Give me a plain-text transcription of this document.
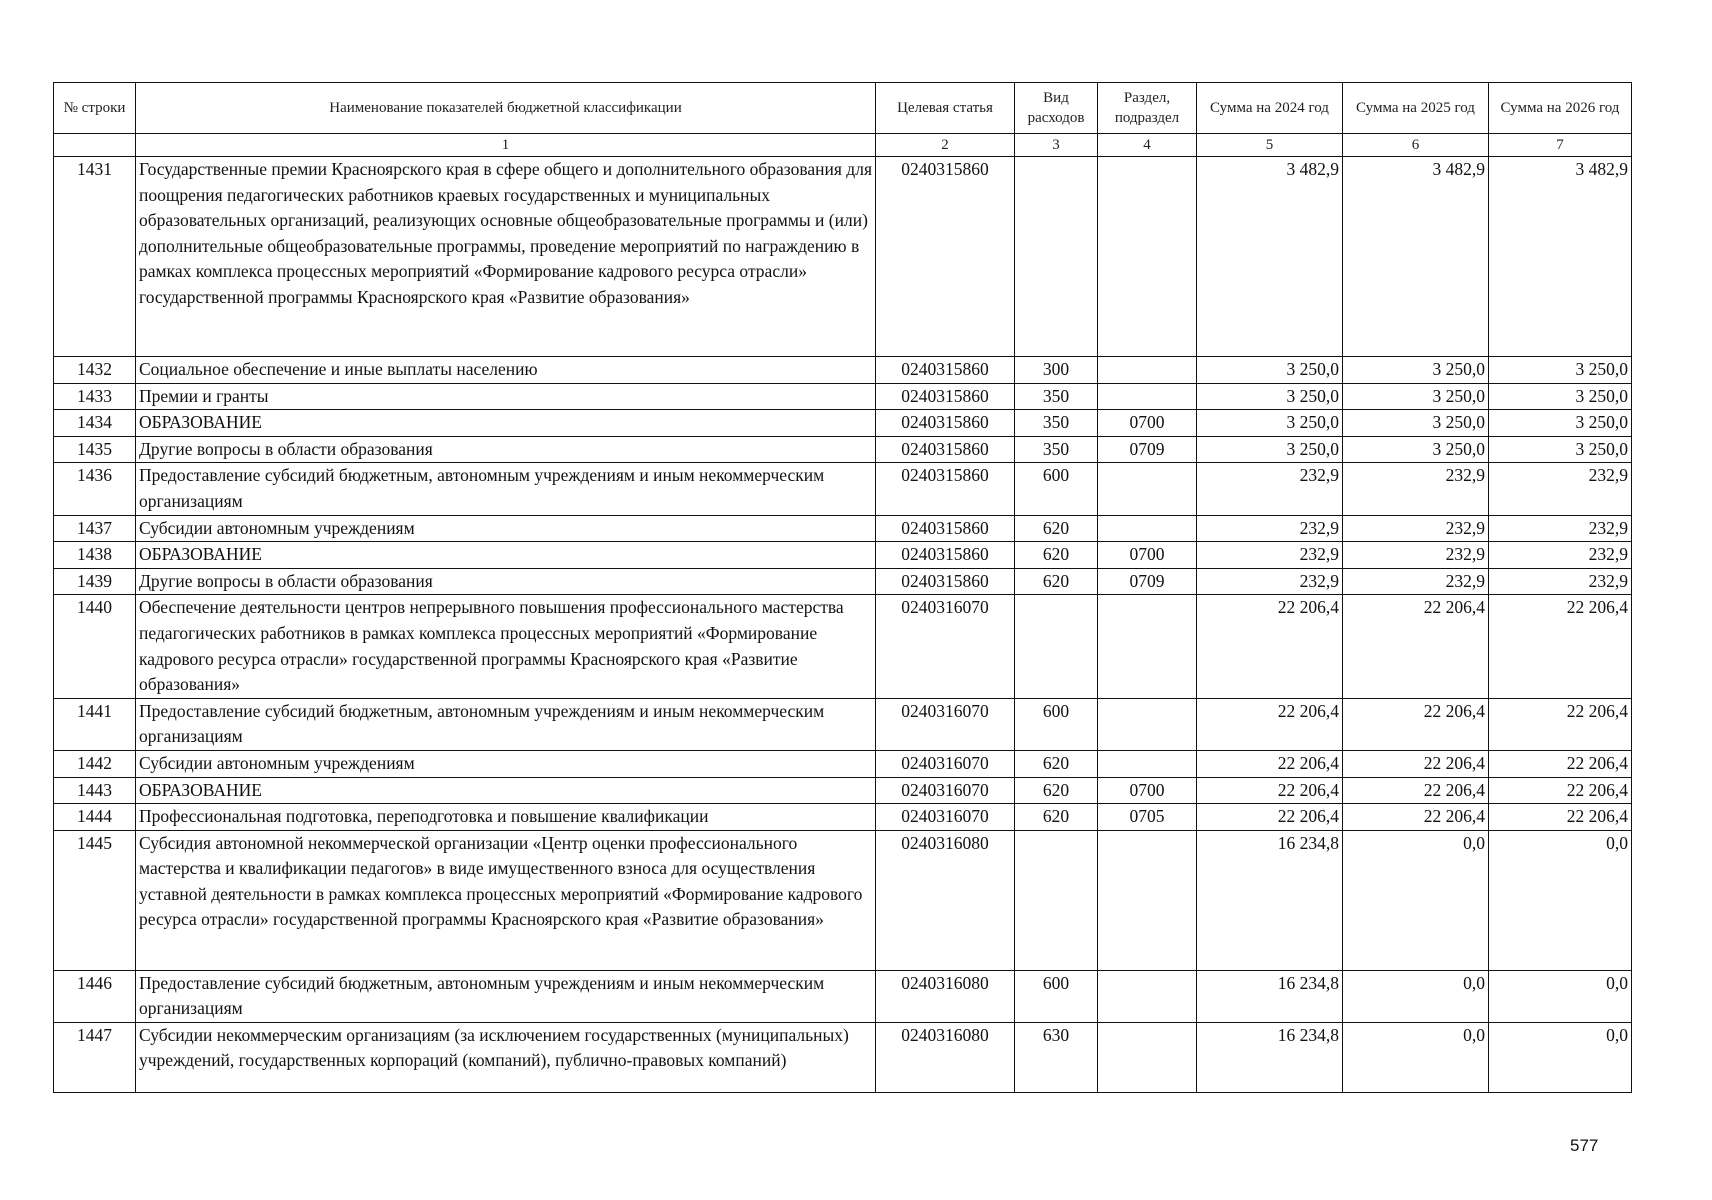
№ строки	Наименование показателей бюджетной классификации	Целевая статья	Вид расходов	Раздел, подраздел	Сумма на 2024 год	Сумма на 2025 год	Сумма на 2026 год
	1	2	3	4	5	6	7
1431	Государственные премии Красноярского края в сфере общего и дополнительного образования для поощрения педагогических работников краевых государственных и муниципальных образовательных организаций, реализующих основные общеобразовательные программы и (или) дополнительные общеобразовательные программы, проведение мероприятий по награждению в рамках комплекса процессных мероприятий «Формирование кадрового ресурса отрасли» государственной программы Красноярского края «Развитие образования»	0240315860			3 482,9	3 482,9	3 482,9
1432	Социальное обеспечение и иные выплаты населению	0240315860	300		3 250,0	3 250,0	3 250,0
1433	Премии и гранты	0240315860	350		3 250,0	3 250,0	3 250,0
1434	ОБРАЗОВАНИЕ	0240315860	350	0700	3 250,0	3 250,0	3 250,0
1435	Другие вопросы в области образования	0240315860	350	0709	3 250,0	3 250,0	3 250,0
1436	Предоставление субсидий бюджетным, автономным учреждениям и иным некоммерческим организациям	0240315860	600		232,9	232,9	232,9
1437	Субсидии автономным учреждениям	0240315860	620		232,9	232,9	232,9
1438	ОБРАЗОВАНИЕ	0240315860	620	0700	232,9	232,9	232,9
1439	Другие вопросы в области образования	0240315860	620	0709	232,9	232,9	232,9
1440	Обеспечение деятельности центров непрерывного повышения профессионального мастерства педагогических работников в рамках комплекса процессных мероприятий «Формирование кадрового ресурса отрасли» государственной программы Красноярского края «Развитие образования»	0240316070			22 206,4	22 206,4	22 206,4
1441	Предоставление субсидий бюджетным, автономным учреждениям и иным некоммерческим организациям	0240316070	600		22 206,4	22 206,4	22 206,4
1442	Субсидии автономным учреждениям	0240316070	620		22 206,4	22 206,4	22 206,4
1443	ОБРАЗОВАНИЕ	0240316070	620	0700	22 206,4	22 206,4	22 206,4
1444	Профессиональная подготовка, переподготовка и повышение квалификации	0240316070	620	0705	22 206,4	22 206,4	22 206,4
1445	Субсидия автономной некоммерческой организации «Центр оценки профессионального мастерства и квалификации педагогов» в виде имущественного взноса для осуществления уставной деятельности в рамках комплекса процессных мероприятий «Формирование кадрового ресурса отрасли» государственной программы Красноярского края «Развитие образования»	0240316080			16 234,8	0,0	0,0
1446	Предоставление субсидий бюджетным, автономным учреждениям и иным некоммерческим организациям	0240316080	600		16 234,8	0,0	0,0
1447	Субсидии некоммерческим организациям (за исключением государственных (муниципальных) учреждений, государственных корпораций (компаний), публично-правовых компаний)	0240316080	630		16 234,8	0,0	0,0
577
